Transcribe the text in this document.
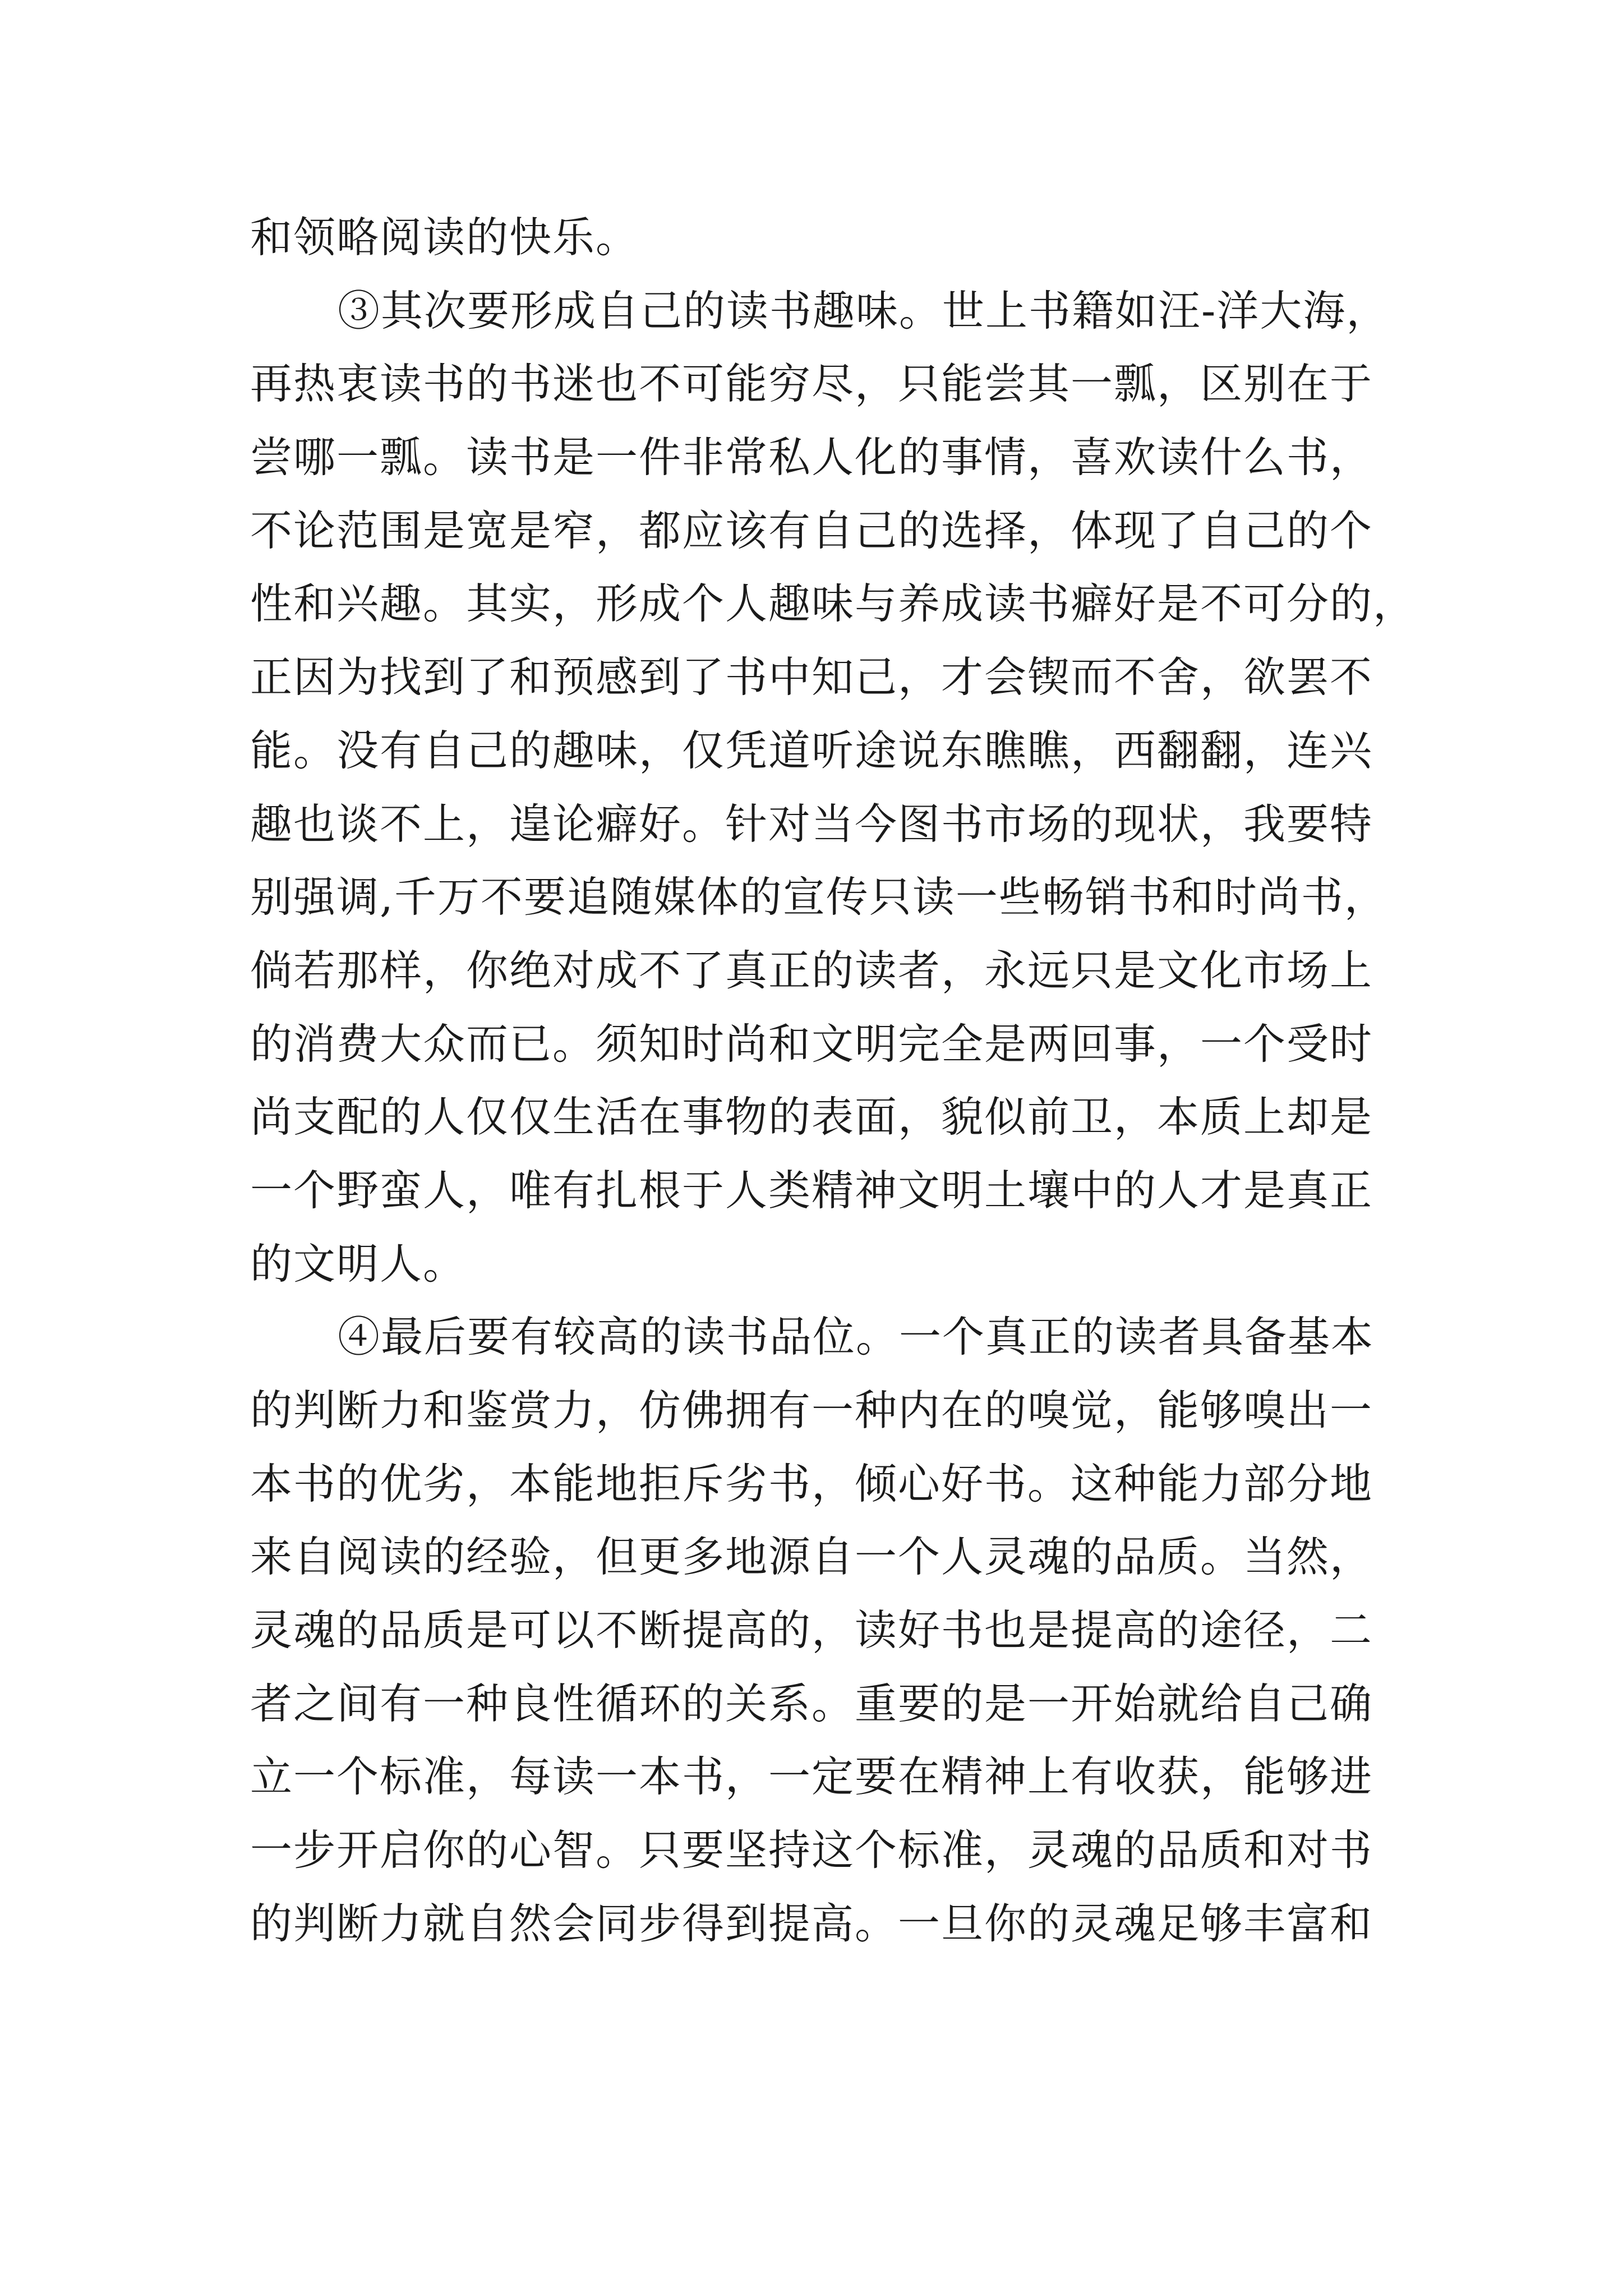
和领略阅读的快乐。
③其次要形成自己的读书趣味。世上书籍如汪-洋大海，
再热衷读书的书迷也不可能穷尽，只能尝其一瓢，区别在于
尝哪一瓢。读书是一件非常私人化的事情，喜欢读什么书，
不论范围是宽是窄，都应该有自己的选择，体现了自己的个
性和兴趣。其实，形成个人趣味与养成读书癖好是不可分的，
正因为找到了和预感到了书中知己，才会锲而不舍，欲罢不
能。没有自己的趣味，仅凭道听途说东瞧瞧，西翻翻，连兴
趣也谈不上，遑论癖好。针对当今图书市场的现状，我要特
别强调,千万不要追随媒体的宣传只读一些畅销书和时尚书，
倘若那样，你绝对成不了真正的读者，永远只是文化市场上
的消费大众而已。须知时尚和文明完全是两回事，一个受时
尚支配的人仅仅生活在事物的表面，貌似前卫，本质上却是
一个野蛮人，唯有扎根于人类精神文明土壤中的人才是真正
的文明人。
④最后要有较高的读书品位。一个真正的读者具备基本
的判断力和鉴赏力，仿佛拥有一种内在的嗅觉，能够嗅出一
本书的优劣，本能地拒斥劣书，倾心好书。这种能力部分地
来自阅读的经验，但更多地源自一个人灵魂的品质。当然，
灵魂的品质是可以不断提高的，读好书也是提高的途径，二
者之间有一种良性循环的关系。重要的是一开始就给自己确
立一个标准，每读一本书，一定要在精神上有收获，能够进
一步开启你的心智。只要坚持这个标准，灵魂的品质和对书
的判断力就自然会同步得到提高。一旦你的灵魂足够丰富和
